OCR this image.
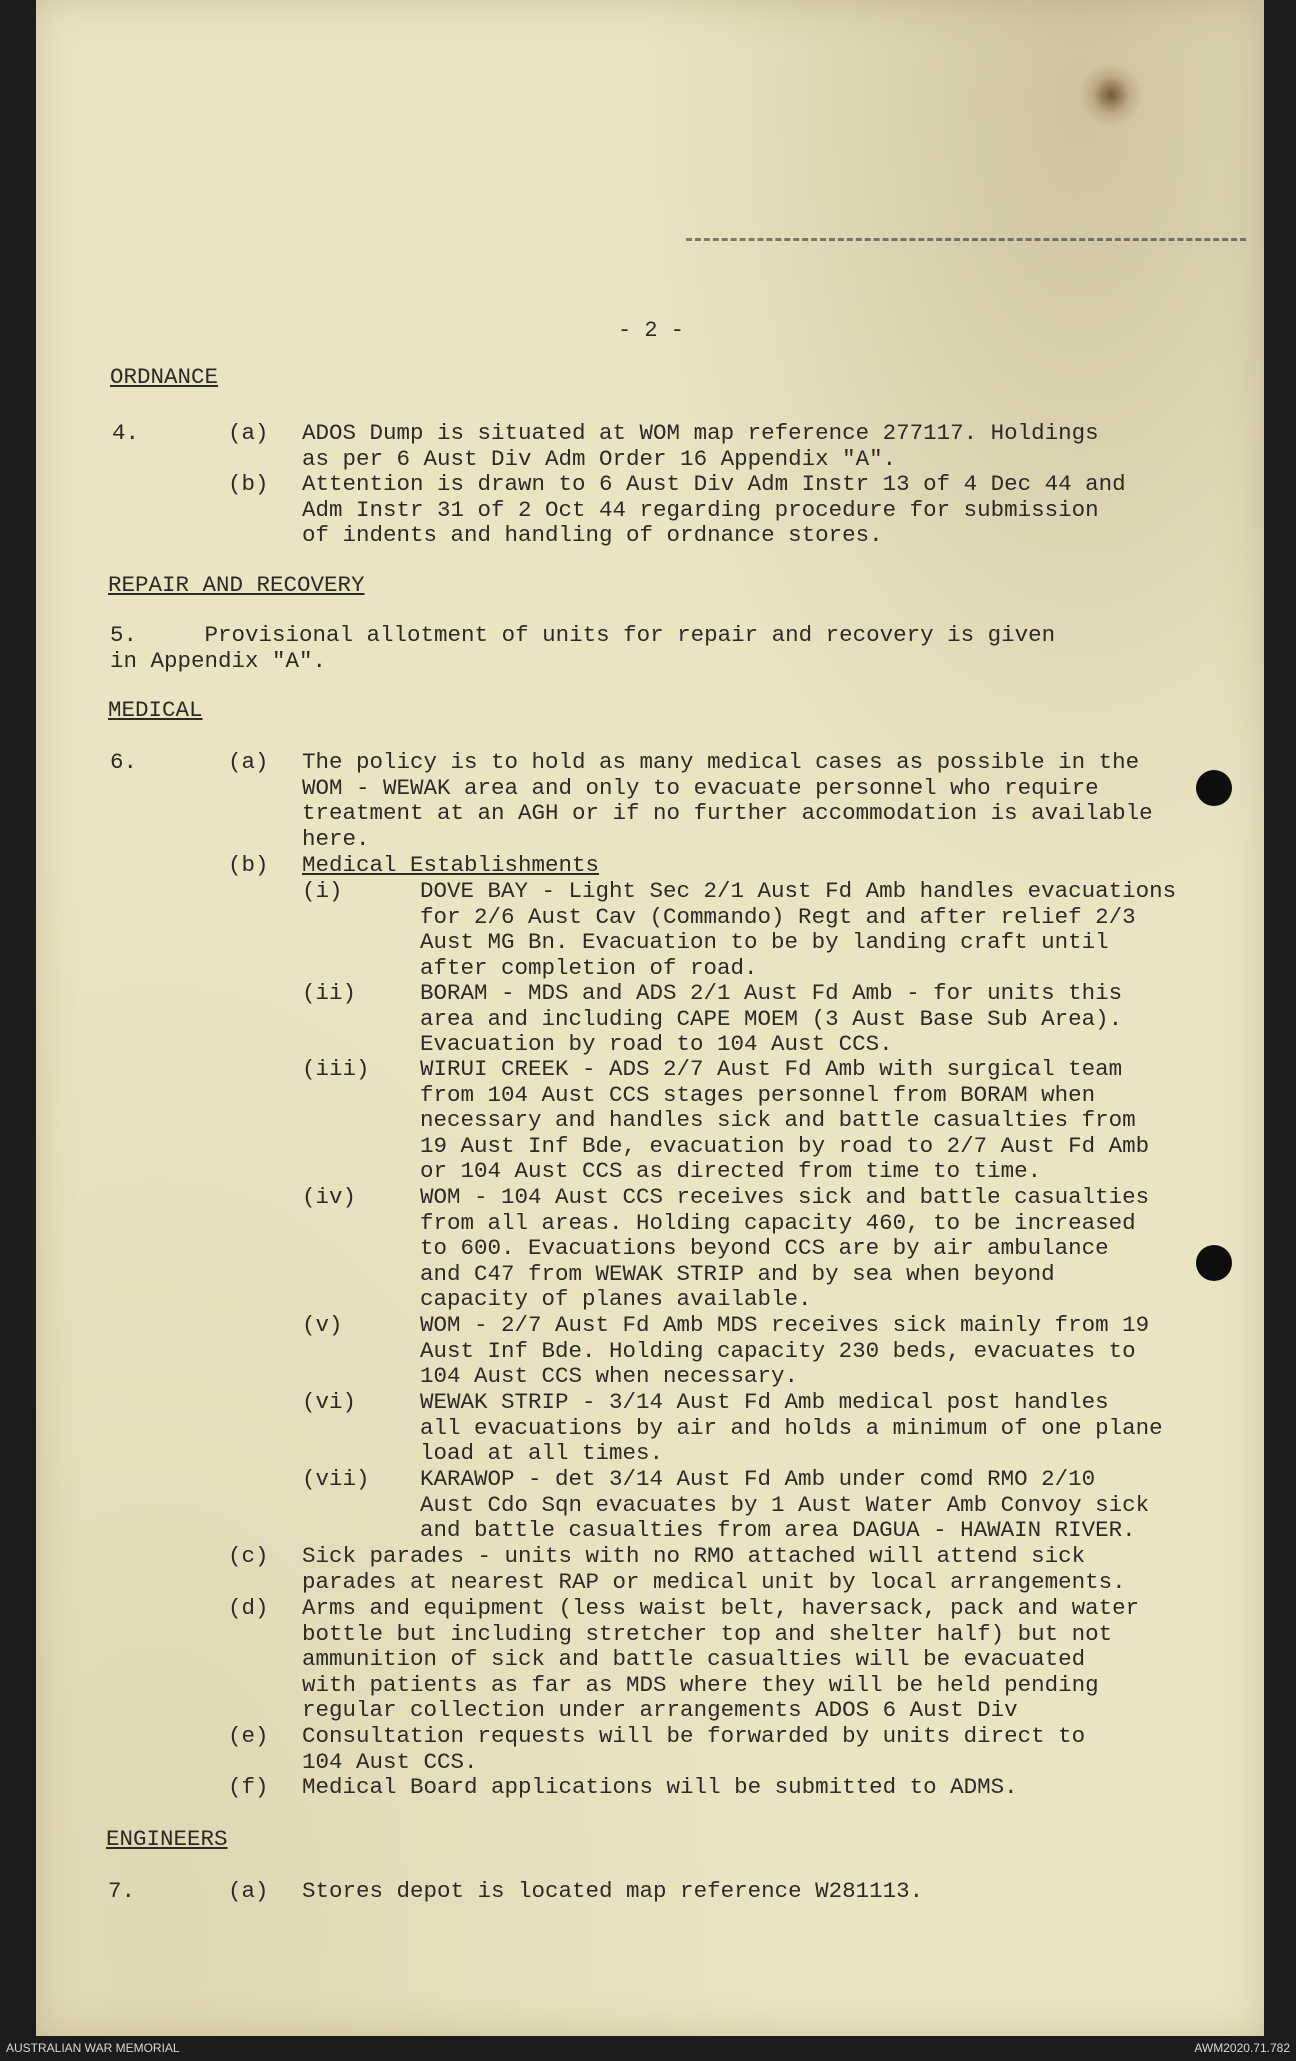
- 2 -
ORDNANCE
4.	(a) ADOS Dump is situated at WOM map reference 277117. Holdings
as per 6 Aust Div Adm Order 16 Appendix "A".
(b) Attention is drawn to 6 Aust Div Adm Instr 13 of 4 Dec 44 and
Adm Instr 31 of 2 Oct 44 regarding procedure for submission
of indents and handling of ordnance stores.
REPAIR AND RECOVERY
5.     Provisional allotment of units for repair and recovery is given
in Appendix "A".
MEDICAL
6.	(a) The policy is to hold as many medical cases as possible in the
WOM - WEWAK area and only to evacuate personnel who require
treatment at an AGH or if no further accommodation is available
here.
(b) Medical Establishments
(i)	DOVE BAY - Light Sec 2/1 Aust Fd Amb handles evacuations
for 2/6 Aust Cav (Commando) Regt and after relief 2/3
Aust MG Bn. Evacuation to be by landing craft until
after completion of road.
(ii)	BORAM - MDS and ADS 2/1 Aust Fd Amb - for units this
area and including CAPE MOEM (3 Aust Base Sub Area).
Evacuation by road to 104 Aust CCS.
(iii) WIRUI CREEK - ADS 2/7 Aust Fd Amb with surgical team
from 104 Aust CCS stages personnel from BORAM when
necessary and handles sick and battle casualties from
19 Aust Inf Bde, evacuation by road to 2/7 Aust Fd Amb
or 104 Aust CCS as directed from time to time.
(iv)	WOM - 104 Aust CCS receives sick and battle casualties
from all areas. Holding capacity 460, to be increased
to 600. Evacuations beyond CCS are by air ambulance
and C47 from WEWAK STRIP and by sea when beyond
capacity of planes available.
(v)	WOM - 2/7 Aust Fd Amb MDS receives sick mainly from 19
Aust Inf Bde. Holding capacity 230 beds, evacuates to
104 Aust CCS when necessary.
(vi)	WEWAK STRIP - 3/14 Aust Fd Amb medical post handles
all evacuations by air and holds a minimum of one plane
load at all times.
(vii) KARAWOP - det 3/14 Aust Fd Amb under comd RMO 2/10
Aust Cdo Sqn evacuates by 1 Aust Water Amb Convoy sick
and battle casualties from area DAGUA - HAWAIN RIVER.
(c) Sick parades - units with no RMO attached will attend sick
parades at nearest RAP or medical unit by local arrangements.
(d) Arms and equipment (less waist belt, haversack, pack and water
bottle but including stretcher top and shelter half) but not
ammunition of sick and battle casualties will be evacuated
with patients as far as MDS where they will be held pending
regular collection under arrangements ADOS 6 Aust Div
(e) Consultation requests will be forwarded by units direct to
104 Aust CCS.
(f) Medical Board applications will be submitted to ADMS.
ENGINEERS
7.	(a) Stores depot is located map reference W281113.
AUSTRALIAN WAR MEMORIAL	AWM2020.71.782
